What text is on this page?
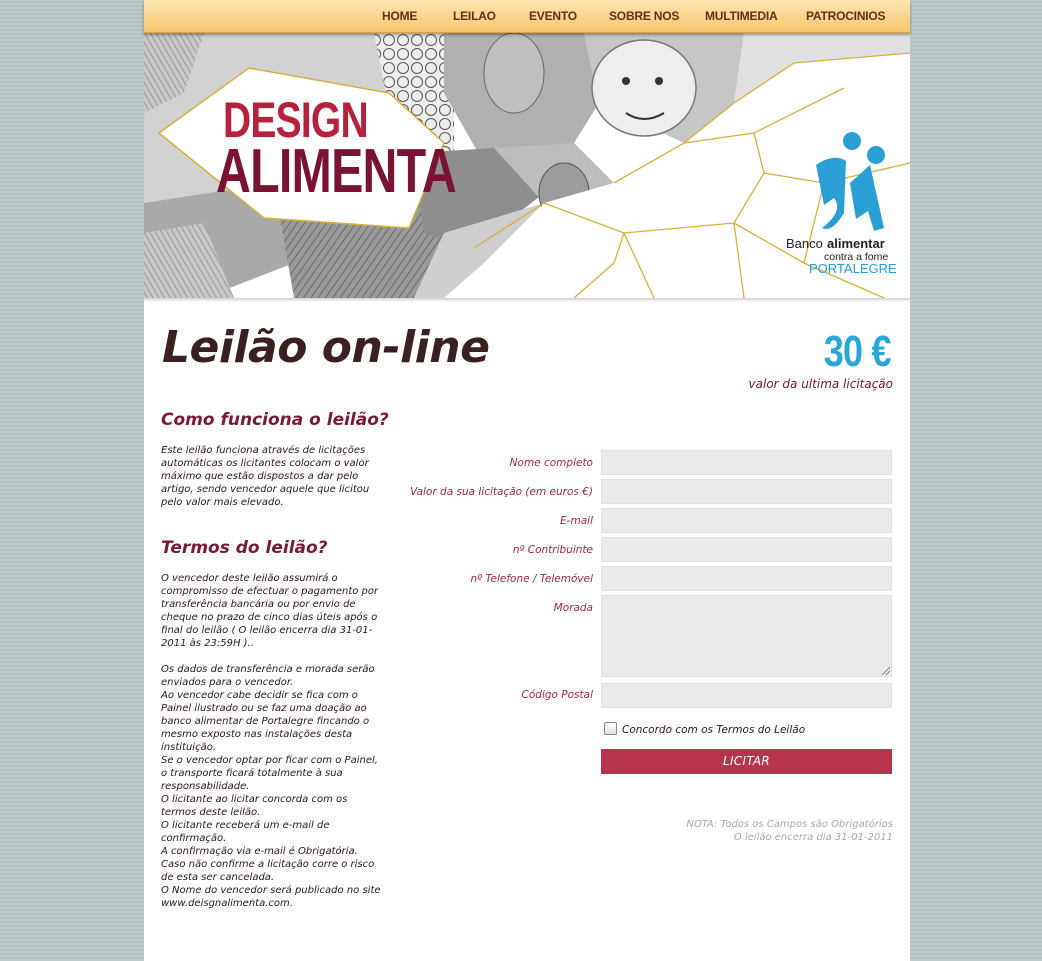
HOME	LEILAO	EVENTO	SOBRE NOS MULTIMEDIA PATROCINIOS
DESIGN
ALIMENTA
Banco alimentar
contra a fome
PORTALEGRE
Leilão on-line	30 €
valor da ultima licitação
Como funciona o leilão?

Este leilão funciona através de licitações automáticas os licitantes colocam o valor máximo que estão dispostos a dar pelo artigo, sendo vencedor aquele que licitou pelo valor mais elevado.

Termos do leilão?

O vencedor deste leilão assumirá o compromisso de efectuar o pagamento por transferência bancária ou por envio de cheque no prazo de cinco dias úteis após o final do leilão ( O leilão encerra dia 31-01-2011 às 23:59H )..

Os dados de transferência e morada serão enviados para o vencedor.
Ao vencedor cabe decidir se fica com o Painel ilustrado ou se faz uma doação ao banco alimentar de Portalegre fincando o mesmo exposto nas instalações desta instituição.
Se o vencedor optar por ficar com o Painel, o transporte ficará totalmente à sua responsabilidade.
O licitante ao licitar concorda com os termos deste leilão.
O licitante receberá um e-mail de confirmação.
A confirmação via e-mail é Obrigatória.
Caso não confirme a licitação corre o risco de esta ser cancelada.
O Nome do vencedor será publicado no site www.deisgnalimenta.com.

Nome completo
Valor da sua licitação (em euros €)
E-mail
nº Contribuinte
nº Telefone / Telemóvel
Morada
Código Postal
Concordo com os Termos do Leilão
LICITAR
NOTA: Todos os Campos são Obrigatórios
O leilão encerra dia 31-01-2011
